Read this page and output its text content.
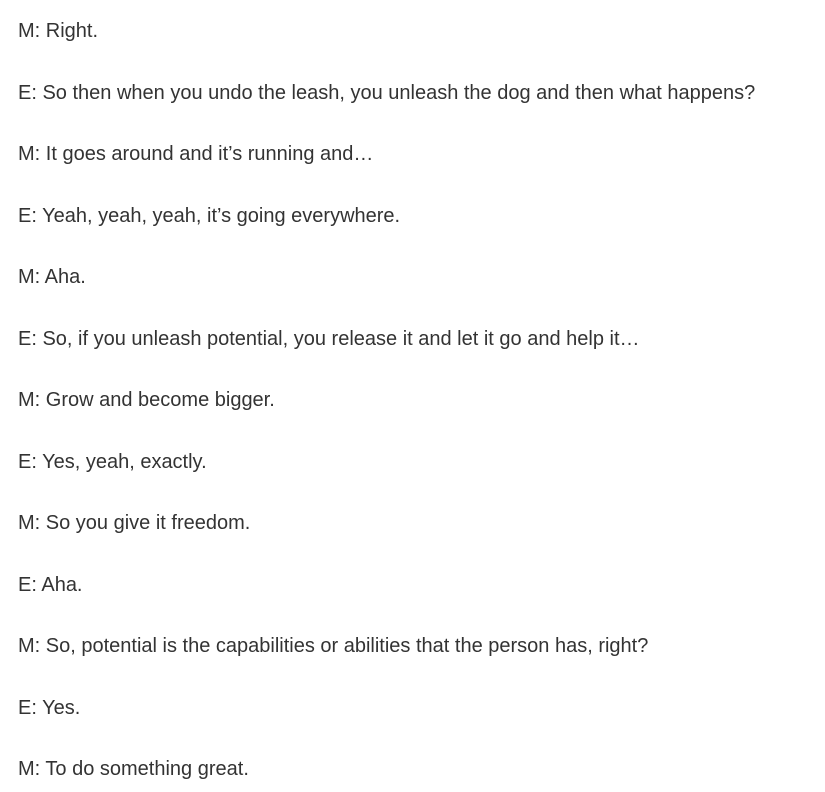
M: Right.

E: So then when you undo the leash, you unleash the dog and then what happens?

M: It goes around and it’s running and…

E: Yeah, yeah, yeah, it’s going everywhere.

M: Aha.

E: So, if you unleash potential, you release it and let it go and help it…

M: Grow and become bigger.

E: Yes, yeah, exactly.

M: So you give it freedom.

E: Aha.

M: So, potential is the capabilities or abilities that the person has, right?

E: Yes.

M: To do something great.
